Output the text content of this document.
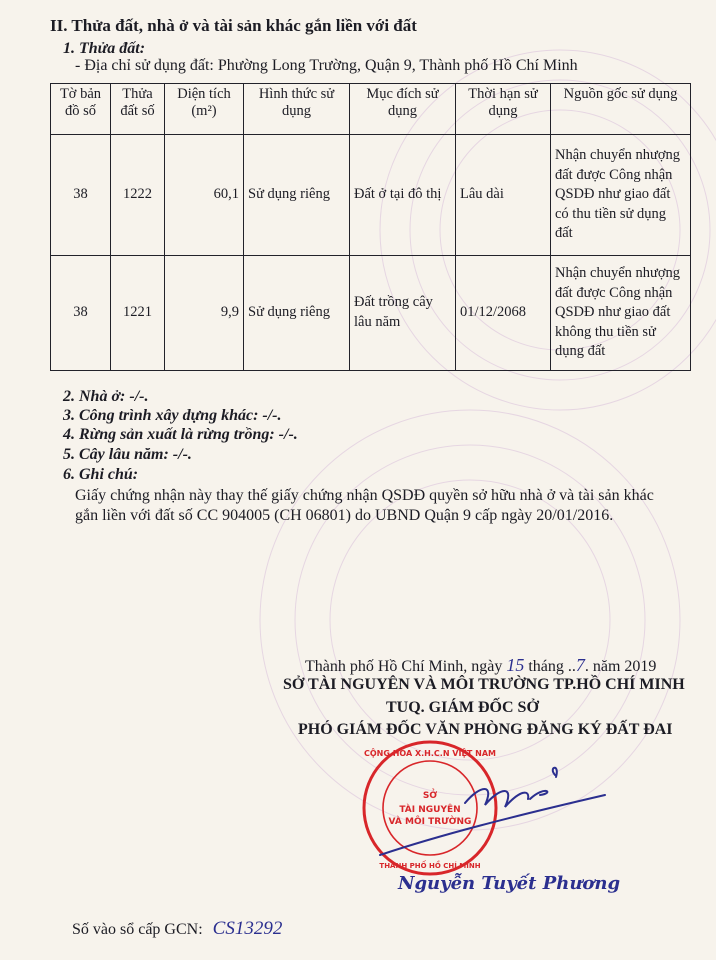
II. Thửa đất, nhà ở và tài sản khác gắn liền với đất
1. Thửa đất:
- Địa chỉ sử dụng đất: Phường Long Trường, Quận 9, Thành phố Hồ Chí Minh
Tờ bản đồ số	Thửa đất số	Diện tích (m²)	Hình thức sử dụng	Mục đích sử dụng	Thời hạn sử dụng	Nguồn gốc sử dụng
38	1222	60,1	Sử dụng riêng	Đất ở tại đô thị	Lâu dài	Nhận chuyển nhượng đất được Công nhận QSDĐ như giao đất có thu tiền sử dụng đất
38	1221	9,9	Sử dụng riêng	Đất trồng cây lâu năm	01/12/2068	Nhận chuyển nhượng đất được Công nhận QSDĐ như giao đất không thu tiền sử dụng đất
2. Nhà ở: -/-.
3. Công trình xây dựng khác: -/-.
4. Rừng sản xuất là rừng trồng: -/-.
5. Cây lâu năm: -/-.
6. Ghi chú:
Giấy chứng nhận này thay thế giấy chứng nhận QSDĐ quyền sở hữu nhà ở và tài sản khác gắn liền với đất số CC 904005 (CH 06801) do UBND Quận 9 cấp ngày 20/01/2016.
Thành phố Hồ Chí Minh, ngày 15 tháng ..7. năm 2019
SỞ TÀI NGUYÊN VÀ MÔI TRƯỜNG TP.HỒ CHÍ MINH
TUQ. GIÁM ĐỐC SỞ
PHÓ GIÁM ĐỐC VĂN PHÒNG ĐĂNG KÝ ĐẤT ĐAI
SỞ
TÀI NGUYÊN
VÀ MÔI TRƯỜNG
CỘNG HÒA X.H.C.N VIỆT NAM
THÀNH PHỐ HỒ CHÍ MINH
Nguyễn Tuyết Phương
Số vào sổ cấp GCN: CS13292
